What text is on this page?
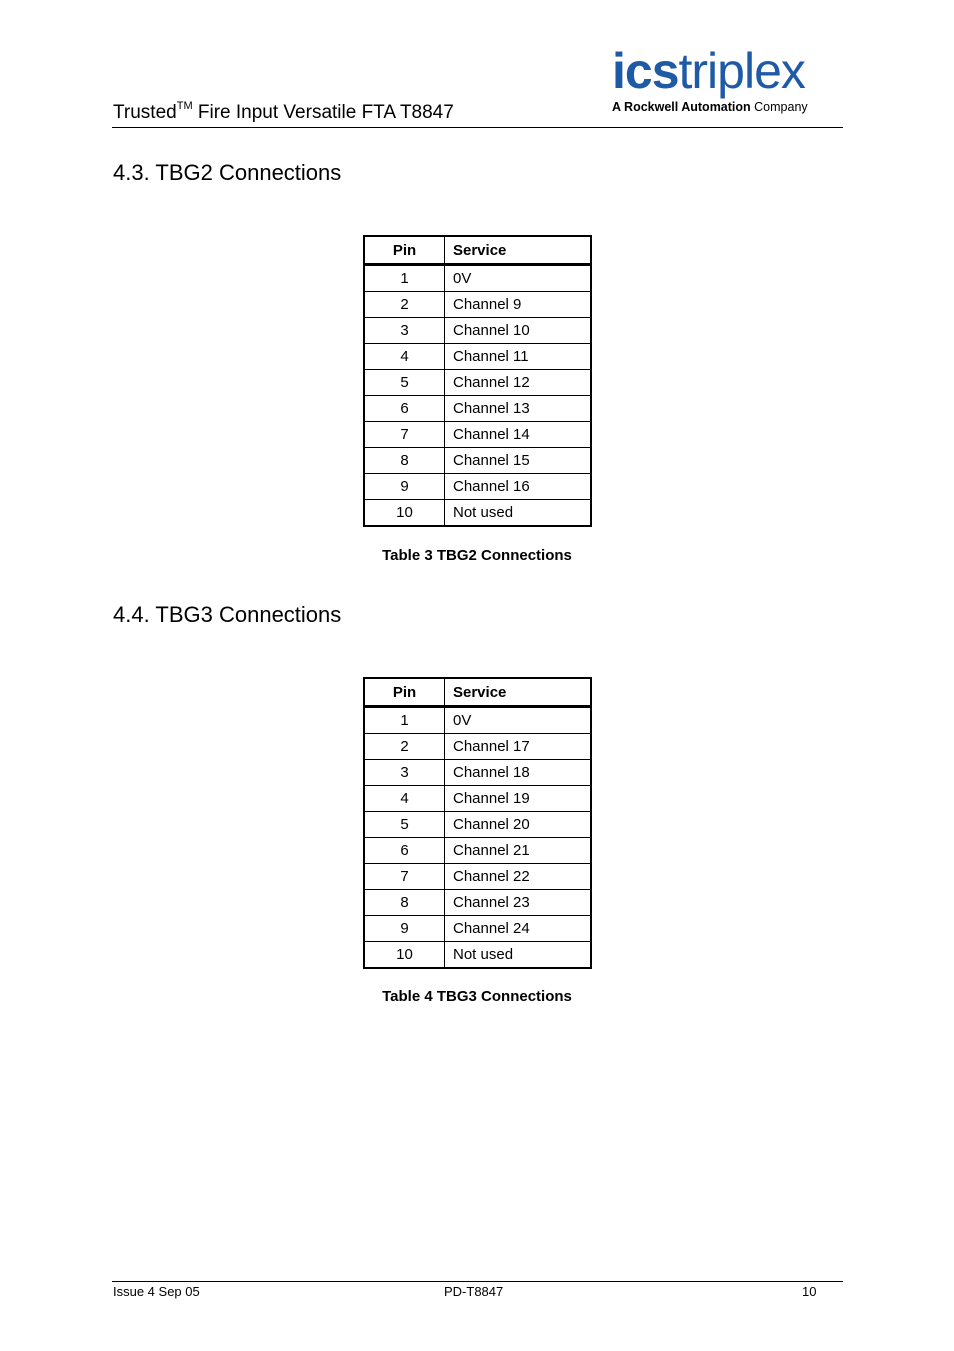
Trusted™ Fire Input Versatile FTA T8847
icstriplex
A Rockwell Automation Company
4.3. TBG2 Connections
Pin	Service
1	0V
2	Channel 9
3	Channel 10
4	Channel 11
5	Channel 12
6	Channel 13
7	Channel 14
8	Channel 15
9	Channel 16
10	Not used
Table 3 TBG2 Connections
4.4. TBG3 Connections
Pin	Service
1	0V
2	Channel 17
3	Channel 18
4	Channel 19
5	Channel 20
6	Channel 21
7	Channel 22
8	Channel 23
9	Channel 24
10	Not used
Table 4 TBG3 Connections
Issue 4 Sep 05	PD-T8847	10
